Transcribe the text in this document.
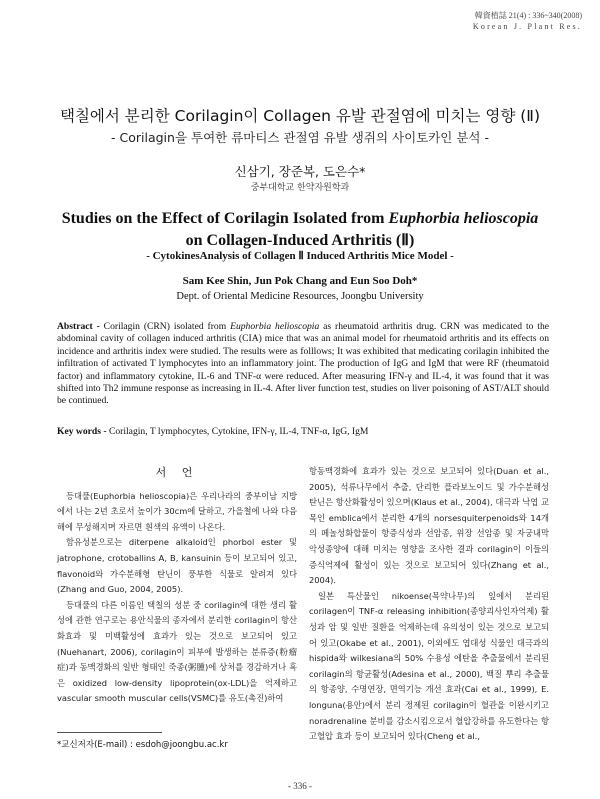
韓資植誌 21(4) : 336~340(2008)
Korean J. Plant Res.
택칠에서 분리한 Corilagin이 Collagen 유발 관절염에 미치는 영향 (Ⅱ)
- Corilagin을 투여한 류마티스 관절염 유발 생쥐의 사이토카인 분석 -
신삼기, 장준복, 도은수*
중부대학교 한약자원학과
Studies on the Effect of Corilagin Isolated from Euphorbia helioscopia
on Collagen-Induced Arthritis (Ⅱ)
- CytokinesAnalysis of Collagen Ⅱ Induced Arthritis Mice Model -
Sam Kee Shin, Jun Pok Chang and Eun Soo Doh*
Dept. of Oriental Medicine Resources, Joongbu University
Abstract - Corilagin (CRN) isolated from Euphorbia helioscopia as rheumatoid arthritis drug. CRN was medicated to the abdominal cavity of collagen induced arthritis (CIA) mice that was an animal model for rheumatoid arthritis and its effects on incidence and arthritis index were studied. The results were as folllows; It was exhibited that medicating corilagin inhibited the infiltration of activated T lymphocytes into an inflammatory joint. The production of IgG and IgM that were RF (rheumatoid factor) and inflammatory cytokine, IL-6 and TNF-α were reduced. After measuring IFN-γ and IL-4, it was found that it was shifted into Th2 immune response as increasing in IL-4. After liver function test, studies on liver poisoning of AST/ALT should be continued.
Key words - Corilagin, T lymphocytes, Cytokine, IFN-γ, IL-4, TNF-α, IgG, IgM
서 언

등대풀(Euphorbia helioscopia)은 우리나라의 중부이남 지방에서 나는 2년 초로서 높이가 30cm에 달하고, 가을철에 나와 다음해에 무성해지며 자르면 흰색의 유액이 나온다.

함유성분으로는 diterpene alkaloid인 phorbol ester 및 jatrophone, crotoballins A, B, kansuinin 등이 보고되어 있고, flavonoid와 가수분해형 탄닌이 풍부한 식물로 알려져 있다 (Zhang and Guo, 2004, 2005).

등대풀의 다른 이름인 택칠의 성분 중 corilagin에 대한 생리 활성에 관한 연구로는 용안식물의 종자에서 분리한 corilagin이 항산화효과 및 미백활성에 효과가 있는 것으로 보고되어 있고 (Nuehanart, 2006), corilagin이 피부에 발생하는 분류증(粉瘤症)과 동맥경화의 일반 형태인 죽종(粥腫)에 상처를 경감하거나 혹은 oxidized low-density lipoprotein(ox-LDL)을 억제하고 vascular smooth muscular cells(VSMC)를 유도(촉진)하여

항동맥경화에 효과가 있는 것으로 보고되어 있다(Duan et al., 2005), 석류나무에서 추출, 단리한 플라보노이드 및 가수분해성 탄닌은 항산화활성이 있으며(Klaus et al., 2004), 대극과 낙엽 교목인 emblica에서 분리한 4개의 norsesquiterpenoids와 14개의 페놀성화합물이 항증식성과 선암종, 위장 선암종 및 자궁내막 악성종양에 대해 미치는 영향을 조사한 결과 corilagin이 이들의 증식억제에 활성이 있는 것으로 보고되어 있다(Zhang et al., 2004).

일본 특산물인 nikoense(목약나무)의 잎에서 분리된 corilagen이 TNF-α releasing inhibition(종양괴사인자억제) 활성과 암 및 일반 질환을 억제하는데 유의성이 있는 것으로 보고되어 있고(Okabe et al., 2001), 이외에도 엽대성 식물인 대극과의 hispida와 wilkesiana의 50% 수용성 에탄올 추출물에서 분리된 corilagin의 항균활성(Adesina et al., 2000), 백질 뿌리 추출물의 항종양, 수명연장, 면역기능 개선 효과(Cai et al., 1999), E. longuna(용안)에서 분리 정제된 corilagin이 혈관을 이완시키고 noradrenaline 분비를 감소시킴으로서 혈압강하를 유도한다는 항고혈압 효과 등이 보고되어 있다(Cheng et al.,

*교신저자(E-mail) : esdoh@joongbu.ac.kr
- 336 -
